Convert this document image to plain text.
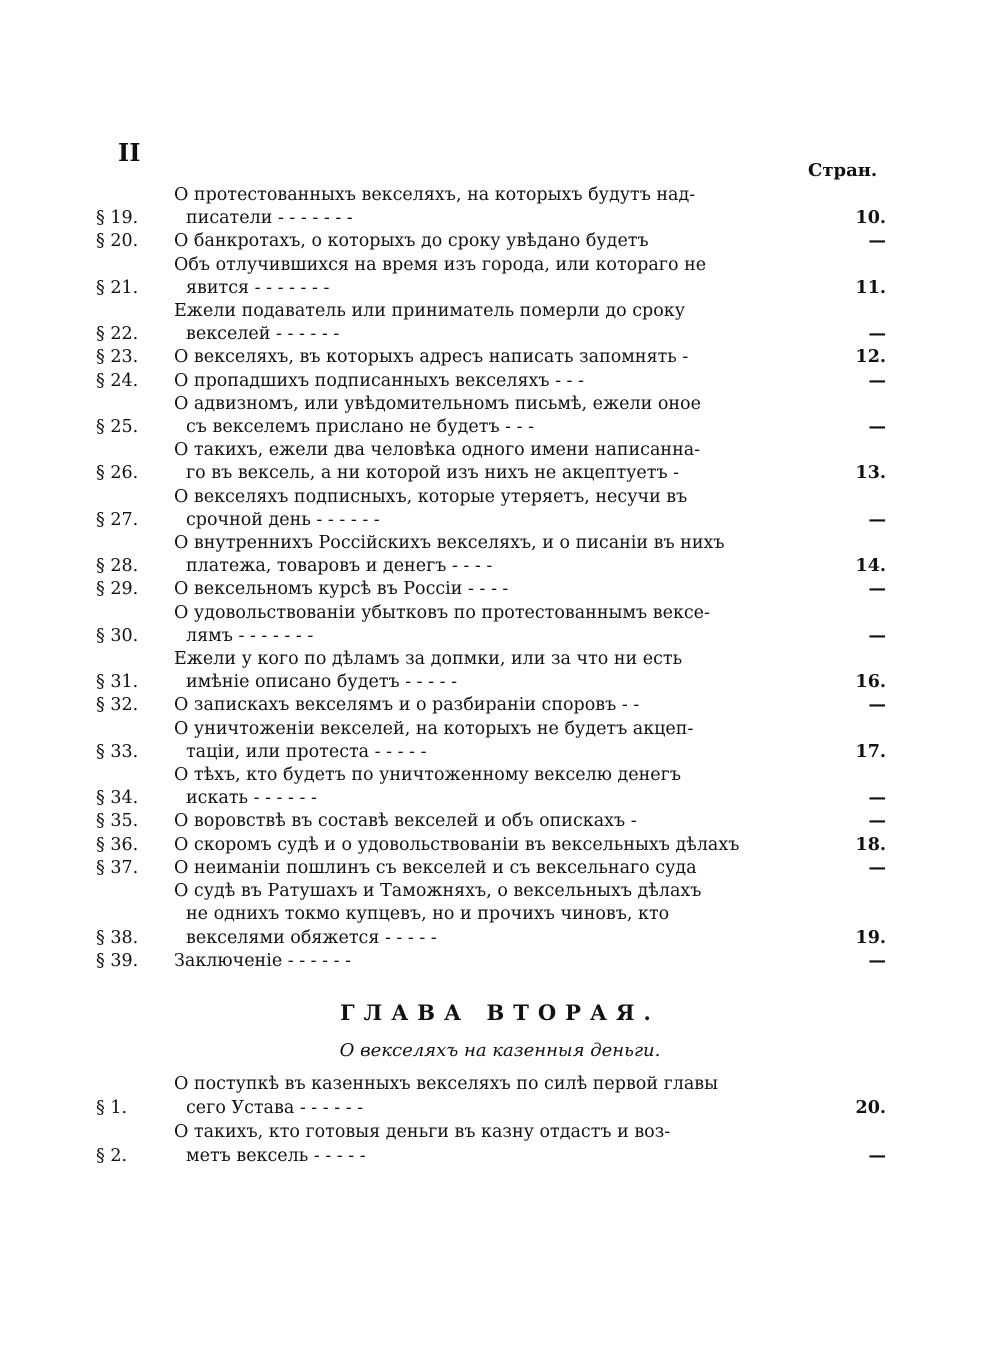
II
Стран.
§ 19.
О протестованныхъ векселяхъ, на которыхъ будутъ над-
писатели - - - - - - -	10.
§ 20.	О банкротахъ, о которыхъ до сроку увѣдано будетъ	—
§ 21.
Объ отлучившихся на время изъ города, или котораго не
явится - - - - - - -	11.
§ 22.
Ежели подаватель или приниматель померли до сроку
векселей - - - - - -	—
§ 23.	О векселяхъ, въ которыхъ адресъ написать запомнять -	12.
§ 24.	О пропадшихъ подписанныхъ векселяхъ - - -	—
§ 25.
О адвизномъ, или увѣдомительномъ письмѣ, ежели оное
съ векселемъ прислано не будетъ - - -	—
§ 26.
О такихъ, ежели два человѣка одного имени написанна-
го въ вексель, а ни которой изъ нихъ не акцептуетъ -	13.
§ 27.
О векселяхъ подписныхъ, которые утеряетъ, несучи въ
срочной день - - - - - -	—
§ 28.
О внутреннихъ Россійскихъ векселяхъ, и о писаніи въ нихъ
платежа, товаровъ и денегъ - - - -	14.
§ 29.	О вексельномъ курсѣ въ Россіи - - - -	—
§ 30.
О удовольствованіи убытковъ по протестованнымъ вексе-
лямъ - - - - - - -	—
§ 31.
Ежели у кого по дѣламъ за допмки, или за что ни есть
имѣніе описано будетъ - - - - -	16.
§ 32.	О запискахъ векселямъ и о разбираніи споровъ - -	—
§ 33.
О уничтоженіи векселей, на которыхъ не будетъ акцеп-
таціи, или протеста - - - - -	17.
§ 34.
О тѣхъ, кто будетъ по уничтоженному векселю денегъ
искать - - - - - -	—
§ 35.	О воровствѣ въ составѣ векселей и объ опискахъ -	—
§ 36.	О скоромъ судѣ и о удовольствованіи въ вексельныхъ дѣлахъ	18.
§ 37.	О неиманіи пошлинъ съ векселей и съ вексельнаго суда	—
§ 38.
О судѣ въ Ратушахъ и Таможняхъ, о вексельныхъ дѣлахъ
не однихъ токмо купцевъ, но и прочихъ чиновъ, кто
векселями обяжется - - - - -	19.
§ 39.	Заключеніе - - - - - -	—
ГЛАВА ВТОРАЯ.
О векселяхъ на казенныя деньги.
§ 1.
О поступкѣ въ казенныхъ векселяхъ по силѣ первой главы
сего Устава - - - - - -	20.
§ 2.
О такихъ, кто готовыя деньги въ казну отдастъ и воз-
метъ вексель - - - - -	—
